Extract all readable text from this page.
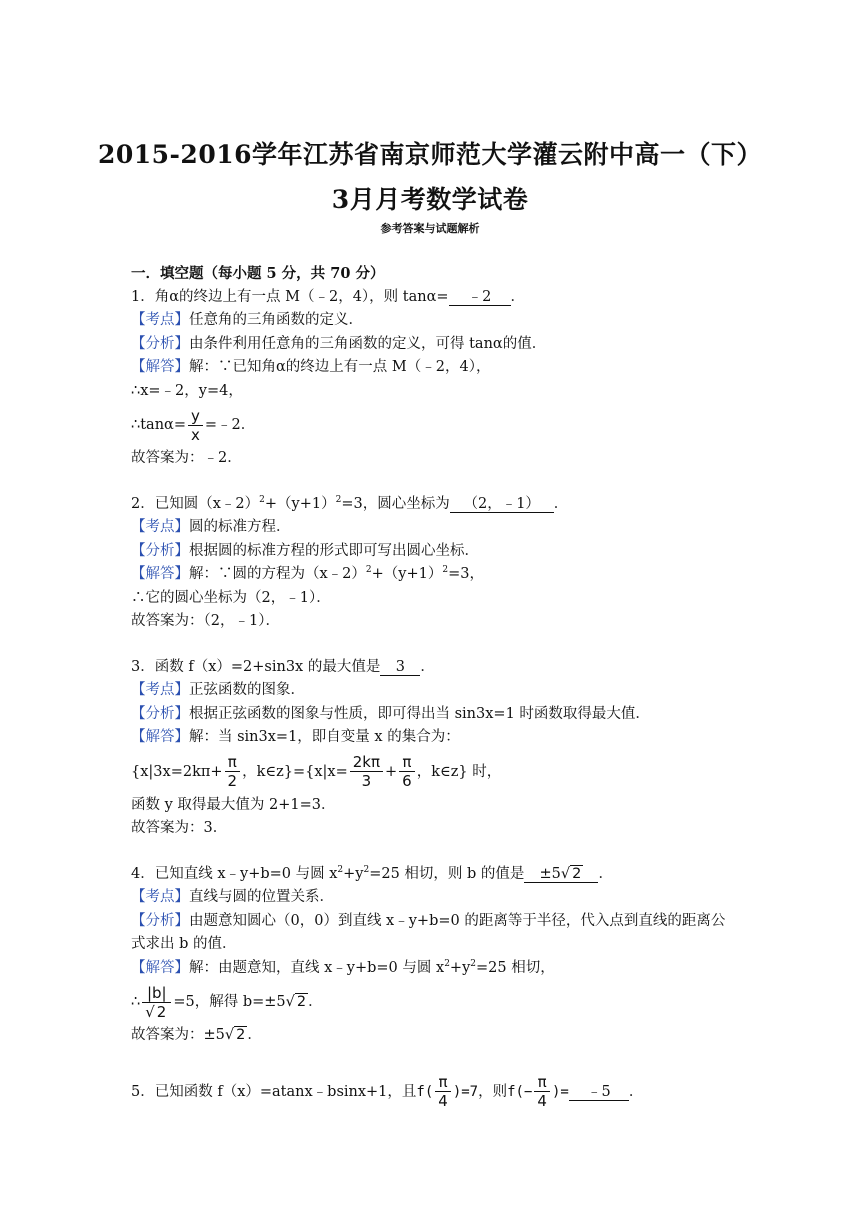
2015-2016学年江苏省南京师范大学灌云附中高一（下）
3月月考数学试卷
参考答案与试题解析
一．填空题（每小题 5 分，共 70 分）
1．角α的终边上有一点 M（﹣2，4），则 tanα= ﹣2 ．
【考点】任意角的三角函数的定义．
【分析】由条件利用任意角的三角函数的定义，可得 tanα的值．
【解答】解：∵已知角α的终边上有一点 M（﹣2，4），
∴x=﹣2，y=4，
∴tanα= $\frac{y}{x}$ =﹣2．
故答案为：﹣2．
2．已知圆$(x﹣2)^2+(y+1)^2=3$，圆心坐标为 （2，﹣1） ．
【考点】圆的标准方程．
【分析】根据圆的标准方程的形式即可写出圆心坐标．
【解答】解：∵圆的方程为$(x﹣2)^2+(y+1)^2=3$，
∴它的圆心坐标为（2，﹣1）．
故答案为：（2，﹣1）．
3．函数 f（x）=2+sin3x 的最大值是 3 ．
【考点】正弦函数的图象．
【分析】根据正弦函数的图象与性质，即可得出当 sin3x=1 时函数取得最大值．
【解答】解：当 sin3x=1，即自变量 x 的集合为：
{$x|3x=2k\pi+ \frac{\pi}{2}$ ，k∈z}={x|x= $\frac{2k\pi}{3} + \frac{\pi}{6}$ ，k∈z} 时，
函数 y 取得最大值为 2+1=3．
故答案为：3．
4．已知直线 x﹣y+b=0 与圆 $x^2+y^2=25$ 相切，则 b 的值是 ±5√ 2 ．
【考点】直线与圆的位置关系．
【分析】由题意知圆心（0，0）到直线 x﹣y+b=0 的距离等于半径，代入点到直线的距离公式求出 b 的值．
【解答】解：由题意知，直线 x﹣y+b=0 与圆 $x^2+y^2=25$ 相切，
∴ $\frac{|b|}{√ 2} =5$，解得 b=±5√ 2 ．
故答案为：±5√ 2 ．
5．已知函数 f（x）=atanx﹣bsinx+1，且$f( \frac{\pi}{4} )=7$，则$f(- \frac{\pi}{4}$ )= ﹣5 ．
